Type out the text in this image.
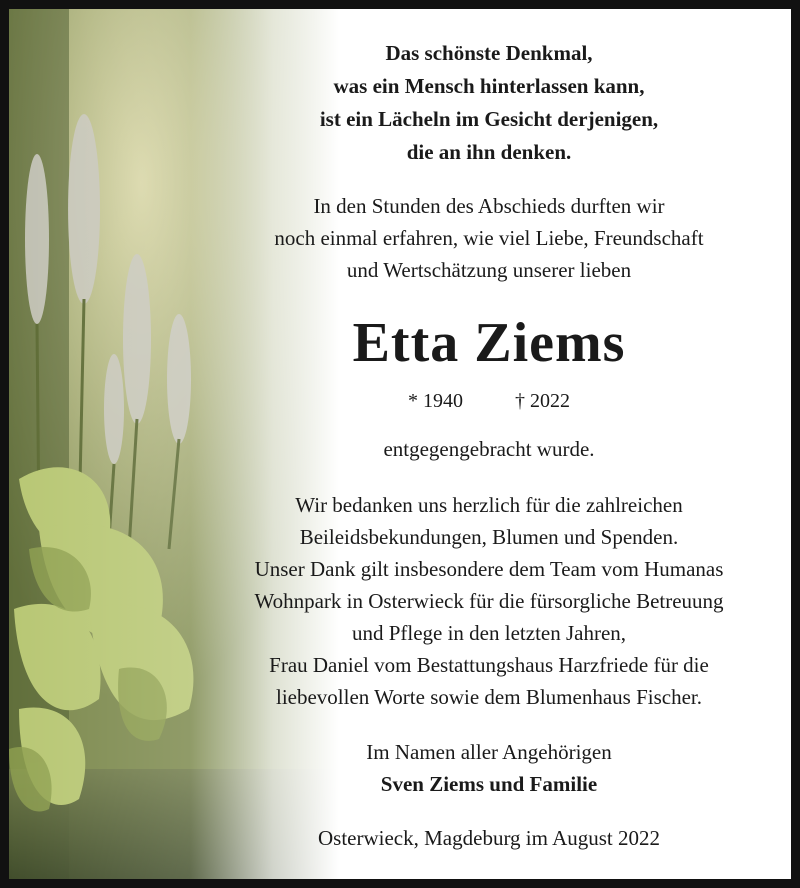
Das schönste Denkmal,
was ein Mensch hinterlassen kann,
ist ein Lächeln im Gesicht derjenigen,
die an ihn denken.
In den Stunden des Abschieds durften wir
noch einmal erfahren, wie viel Liebe, Freundschaft
und Wertschätzung unserer lieben
Etta Ziems
* 1940	† 2022
entgegengebracht wurde.
Wir bedanken uns herzlich für die zahlreichen
Beileidsbekundungen, Blumen und Spenden.
Unser Dank gilt insbesondere dem Team vom Humanas
Wohnpark in Osterwieck für die fürsorgliche Betreuung
und Pflege in den letzten Jahren,
Frau Daniel vom Bestattungshaus Harzfriede für die
liebevollen Worte sowie dem Blumenhaus Fischer.
Im Namen aller Angehörigen
Sven Ziems und Familie
Osterwieck, Magdeburg im August 2022
